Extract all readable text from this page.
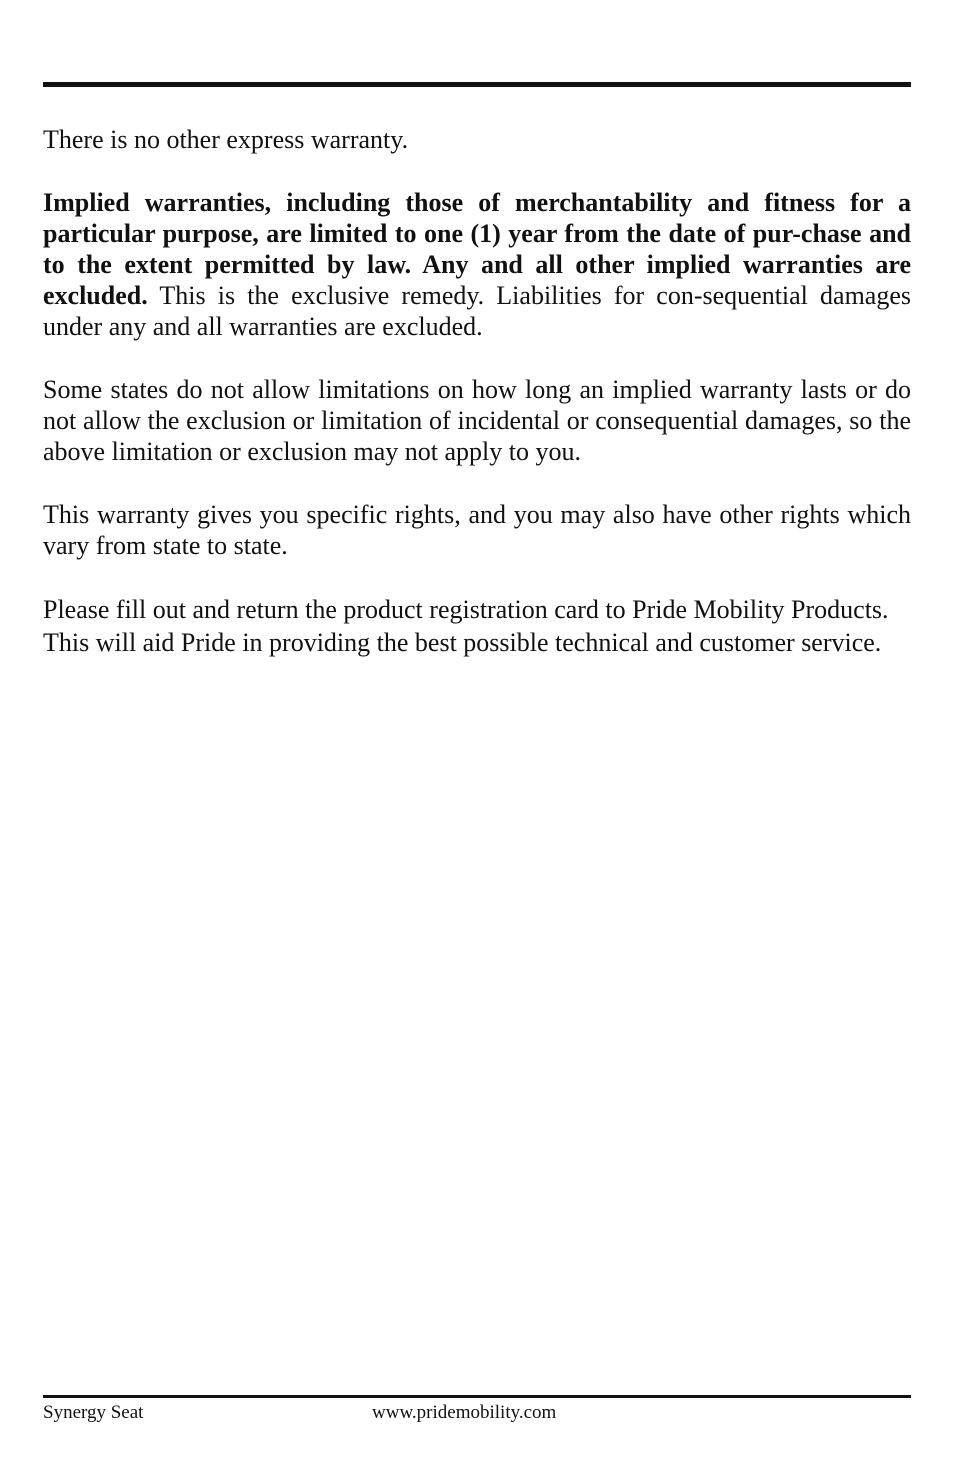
There is no other express warranty.

Implied warranties, including those of merchantability and fitness for a particular purpose, are limited to one (1) year from the date of pur-chase and to the extent permitted by law. Any and all other implied warranties are excluded. This is the exclusive remedy. Liabilities for con-sequential damages under any and all warranties are excluded.

Some states do not allow limitations on how long an implied warranty lasts or do not allow the exclusion or limitation of incidental or consequential damages, so the above limitation or exclusion may not apply to you.

This warranty gives you specific rights, and you may also have other rights which vary from state to state.

Please fill out and return the product registration card to Pride Mobility Products. This will aid Pride in providing the best possible technical and customer service.

Synergy Seat	www.pridemobility.com
